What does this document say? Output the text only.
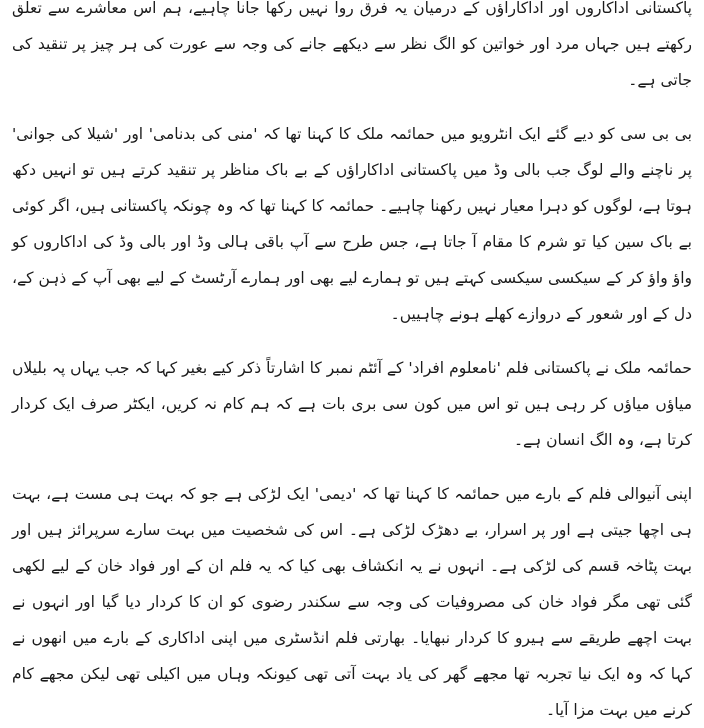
پاکستانی اداکاروں اور اداکاراؤں کے درمیان یہ فرق روا نہیں رکھا جانا چاہیے، ہم اس معاشرے سے تعلق رکھتے ہیں جہاں مرد اور خواتین کو الگ نظر سے دیکھے جانے کی وجہ سے عورت کی ہر چیز پر تنقید کی جاتی ہے۔

بی بی سی کو دیے گئے ایک انٹرویو میں حمائمہ ملک کا کہنا تھا کہ 'منی کی بدنامی' اور 'شیلا کی جوانی' پر ناچنے والے لوگ جب بالی وڈ میں پاکستانی اداکاراؤں کے بے باک مناظر پر تنقید کرتے ہیں تو انہیں دکھ ہوتا ہے، لوگوں کو دہرا معیار نہیں رکھنا چاہیے۔ حمائمہ کا کہنا تھا کہ وہ چونکہ پاکستانی ہیں، اگر کوئی بے باک سین کیا تو شرم کا مقام آ جاتا ہے، جس طرح سے آپ باقی ہالی وڈ اور بالی وڈ کی اداکاروں کو واؤ واؤ کر کے سیکسی سیکسی کہتے ہیں تو ہمارے لیے بھی اور ہمارے آرٹسٹ کے لیے بھی آپ کے ذہن کے، دل کے اور شعور کے دروازے کھلے ہونے چاہییں۔

حمائمہ ملک نے پاکستانی فلم 'نامعلوم افراد' کے آئٹم نمبر کا اشارتاً ذکر کیے بغیر کہا کہ جب یہاں پہ بلیلاں میاؤں میاؤں کر رہی ہیں تو اس میں کون سی بری بات ہے کہ ہم کام نہ کریں، ایکٹر صرف ایک کردار کرتا ہے، وہ الگ انسان ہے۔

اپنی آنیوالی فلم کے بارے میں حمائمہ کا کہنا تھا کہ 'دیمی' ایک لڑکی ہے جو کہ بہت ہی مست ہے، بہت ہی اچھا جیتی ہے اور پر اسرار، بے دھڑک لڑکی ہے۔ اس کی شخصیت میں بہت سارے سرپرائز ہیں اور بہت پٹاخہ قسم کی لڑکی ہے۔ انہوں نے یہ انکشاف بھی کیا کہ یہ فلم ان کے اور فواد خان کے لیے لکھی گئی تھی مگر فواد خان کی مصروفیات کی وجہ سے سکندر رضوی کو ان کا کردار دیا گیا اور انہوں نے بہت اچھے طریقے سے ہیرو کا کردار نبھایا۔ بھارتی فلم انڈسٹری میں اپنی اداکاری کے بارے میں انھوں نے کہا کہ وہ ایک نیا تجربہ تھا مجھے گھر کی یاد بہت آتی تھی کیونکہ وہاں میں اکیلی تھی لیکن مجھے کام کرنے میں بہت مزا آیا۔
